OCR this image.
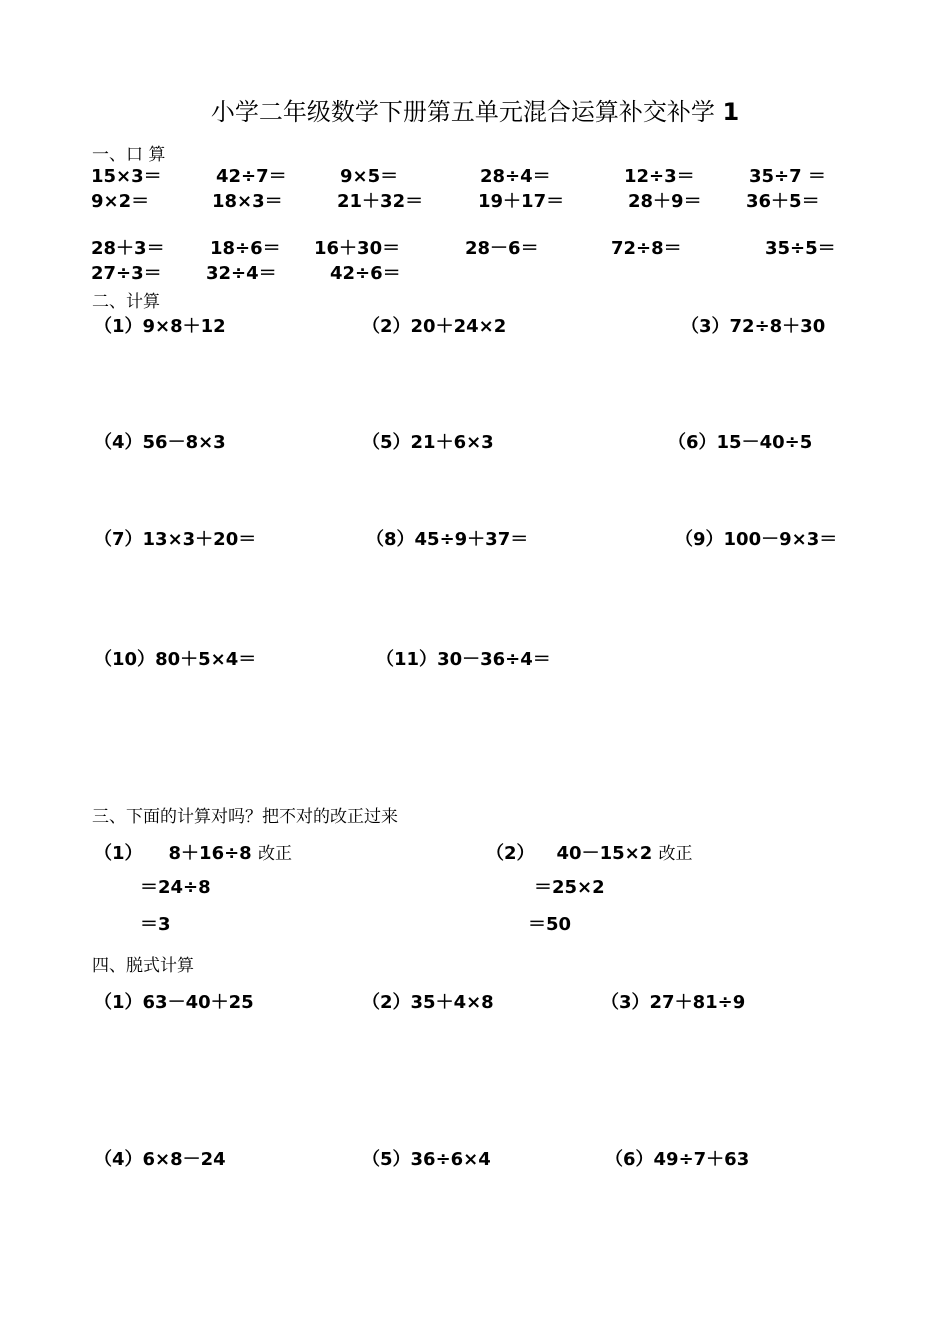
小学二年级数学下册第五单元混合运算补交补学 1
一、口 算
15×3＝	42÷7＝	9×5＝	28÷4＝	12÷3＝	35÷7 ＝
9×2＝	18×3＝	21＋32＝	19＋17＝	28＋9＝ 36＋5＝
28＋3＝	18÷6＝ 16＋30＝	28－6＝	72÷8＝	35÷5＝
27÷3＝ 32÷4＝	42÷6＝
二、计算
（1）9×8＋12	（2）20＋24×2	（3）72÷8＋30
（4）56－8×3	（5）21＋6×3	（6）15－40÷5
（7）13×3＋20＝	（8）45÷9＋37＝	（9）100－9×3＝
（10）80＋5×4＝	（11）30－36÷4＝
三、下面的计算对吗？把不对的改正过来
（1） 8＋16÷8 改正
＝24÷8
＝3
（2） 40－15×2 改正
＝25×2
＝50
四、脱式计算
（1）63－40＋25	（2）35＋4×8	（3）27＋81÷9
（4）6×8－24	（5）36÷6×4	（6）49÷7＋63
